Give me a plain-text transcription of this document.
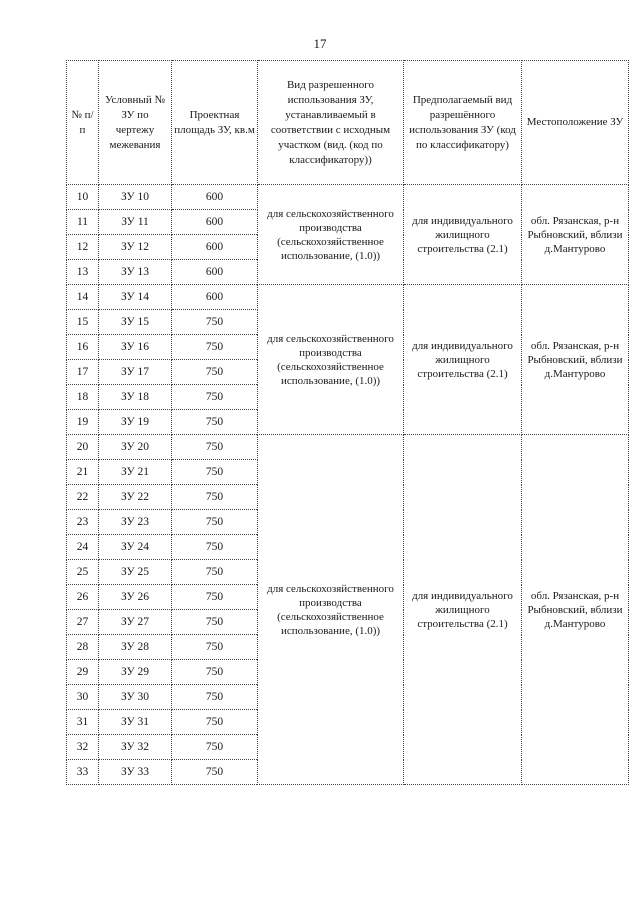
17
№ п/п	Условный № ЗУ по чертежу межевания	Проектная площадь ЗУ, кв.м	Вид разрешенного использования ЗУ, устанавливаемый в соответствии с исходным участком (вид. (код по классификатору))	Предполагаемый вид разрешённого использования ЗУ (код по классификатору)	Местоположение ЗУ
10	ЗУ 10	600	для сельскохозяйственного производства (сельскохозяйственное использование, (1.0))	для индивидуального жилищного строительства (2.1)	обл. Рязанская, р-н Рыбновский, вблизи д.Мантурово
11	ЗУ 11	600			
12	ЗУ 12	600			
13	ЗУ 13	600			
14	ЗУ 14	600	для сельскохозяйственного производства (сельскохозяйственное использование, (1.0))	для индивидуального жилищного строительства (2.1)	обл. Рязанская, р-н Рыбновский, вблизи д.Мантурово
15	ЗУ 15	750			
16	ЗУ 16	750			
17	ЗУ 17	750			
18	ЗУ 18	750			
19	ЗУ 19	750			
20	ЗУ 20	750	для сельскохозяйственного производства (сельскохозяйственное использование, (1.0))	для индивидуального жилищного строительства (2.1)	обл. Рязанская, р-н Рыбновский, вблизи д.Мантурово
21	ЗУ 21	750			
22	ЗУ 22	750			
23	ЗУ 23	750			
24	ЗУ 24	750			
25	ЗУ 25	750			
26	ЗУ 26	750			
27	ЗУ 27	750			
28	ЗУ 28	750			
29	ЗУ 29	750			
30	ЗУ 30	750			
31	ЗУ 31	750			
32	ЗУ 32	750			
33	ЗУ 33	750			
